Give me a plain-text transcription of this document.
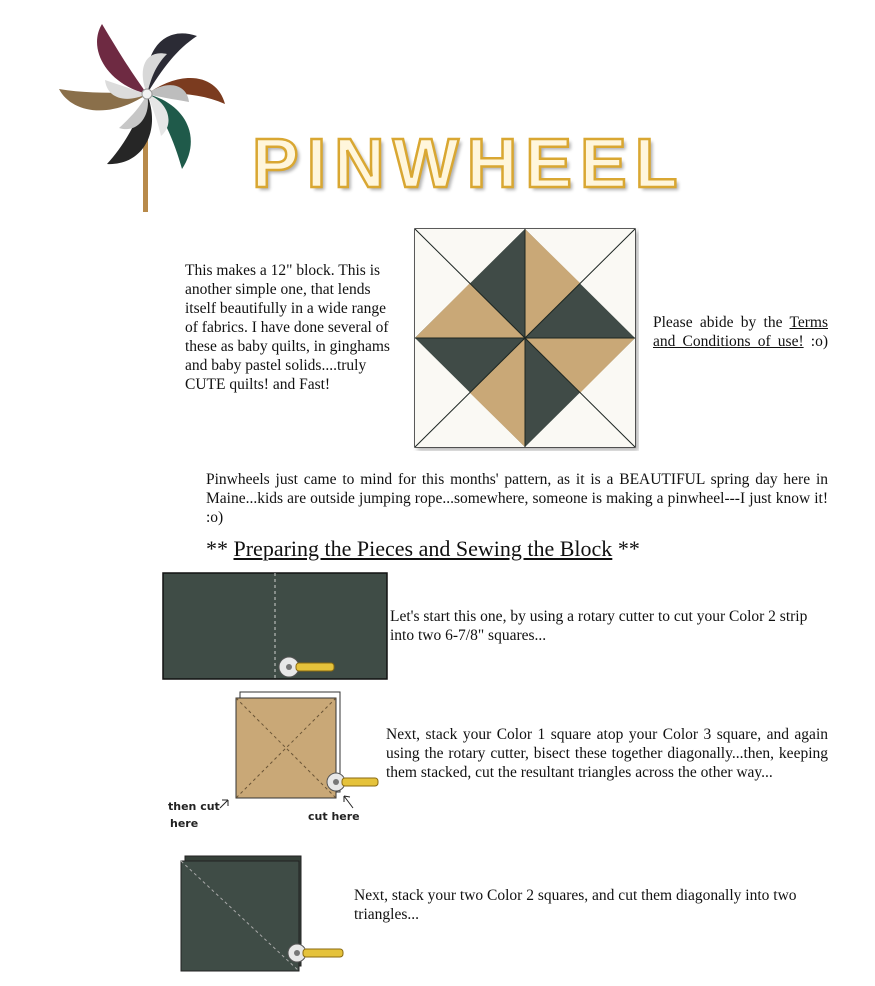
PINWHEEL
This makes a 12" block. This is another simple one, that lends itself beautifully in a wide range of fabrics. I have done several of these as baby quilts, in ginghams and baby pastel solids....truly CUTE quilts! and Fast!
Please abide by the Terms and Conditions of use! :o)
Pinwheels just came to mind for this months' pattern, as it is a BEAUTIFUL spring day here in Maine...kids are outside jumping rope...somewhere, someone is making a pinwheel---I just know it! :o)
** Preparing the Pieces and Sewing the Block **
Let's start this one, by using a rotary cutter to cut your Color 2 strip into two 6-7/8" squares...
then cut
here
cut here
Next, stack your Color 1 square atop your Color 3 square, and again using the rotary cutter, bisect these together diagonally...then, keeping them stacked, cut the resultant triangles across the other way...
Next, stack your two Color 2 squares, and cut them diagonally into two triangles...
